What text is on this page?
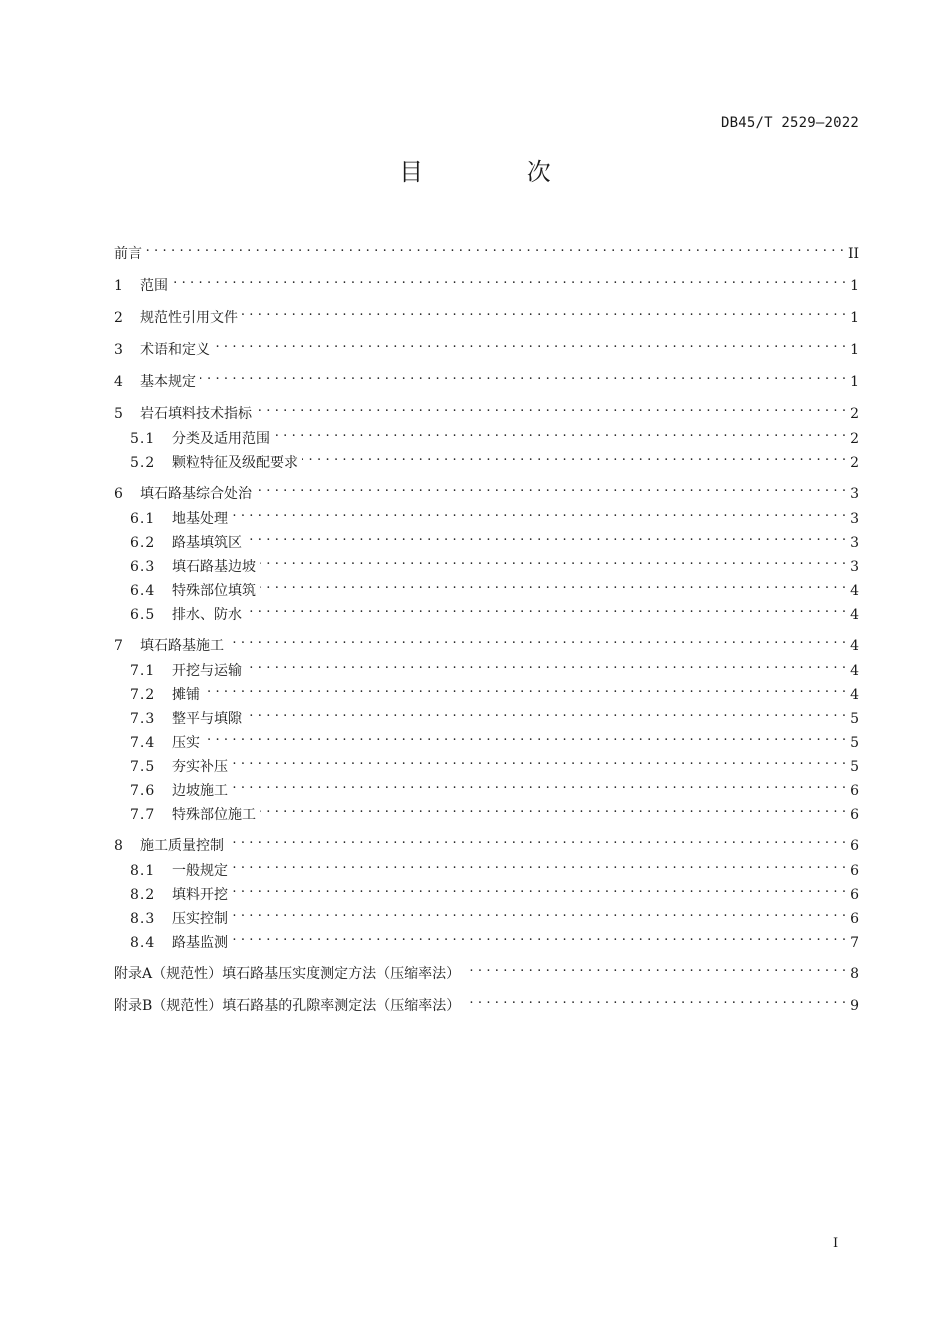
DB45/T 2529—2022
目 次
前言 . . .	II
1	范围 . . .	1
2	规范性引用文件 . . .	1
3	术语和定义 . . .	1
4	基本规定 . . .	1
5	岩石填料技术指标 . . .	2
5.1	分类及适用范围 . . .	2
5.2	颗粒特征及级配要求 . . .	2
6	填石路基综合处治 . . .	3
6.1	地基处理 . . .	3
6.2	路基填筑区 . . .	3
6.3	填石路基边坡 . . .	3
6.4	特殊部位填筑 . . .	4
6.5	排水、防水 . . .	4
7	填石路基施工 . . .	4
7.1	开挖与运输 . . .	4
7.2	摊铺 . . .	4
7.3	整平与填隙 . . .	5
7.4	压实 . . .	5
7.5	夯实补压 . . .	5
7.6	边坡施工 . . .	6
7.7	特殊部位施工 . . .	6
8	施工质量控制 . . .	6
8.1	一般规定 . . .	6
8.2	填料开挖 . . .	6
8.3	压实控制 . . .	6
8.4	路基监测 . . .	7
附录A（规范性）填石路基压实度测定方法（压缩率法） . . .	8
附录B（规范性）填石路基的孔隙率测定法（压缩率法） . . .	9
I
